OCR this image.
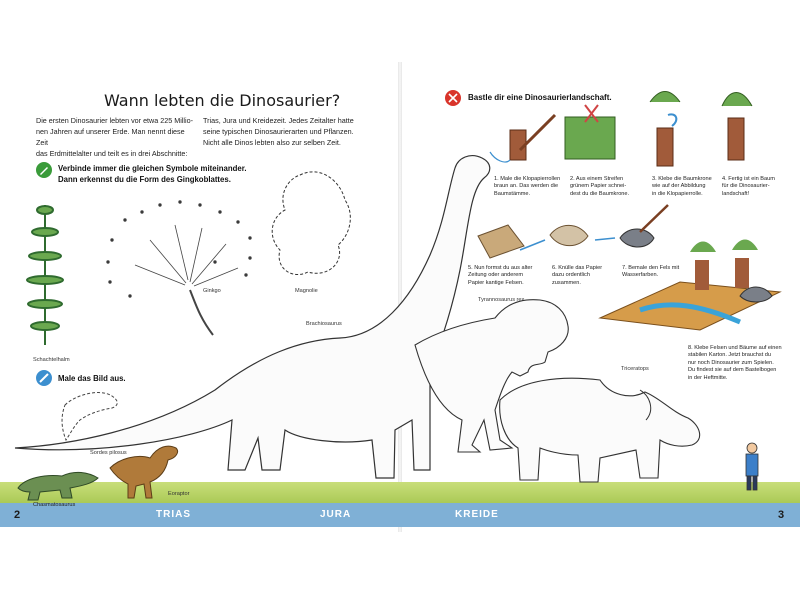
Wann lebten die Dinosaurier?
Die ersten Dinosaurier lebten vor etwa 225 Millio-
nen Jahren auf unserer Erde. Man nennt diese Zeit
das Erdmittelalter und teilt es in drei Abschnitte:
Trias, Jura und Kreidezeit. Jedes Zeitalter hatte
seine typischen Dinosaurierarten und Pflanzen.
Nicht alle Dinos lebten also zur selben Zeit.
Verbinde immer die gleichen Symbole miteinander.
Dann erkennst du die Form des Gingkoblattes.
Male das Bild aus.
Schachtelhalm
Ginkgo	Magnolie
Brachiosaurus
Sordes pilosus
Chasmatosaurus
Eoraptor
Bastle dir eine Dinosaurierlandschaft.
1. Male die Klopapierrollen
braun an. Das werden die
Baumstämme.
2. Aus einem Streifen
grünem Papier schnei-
dest du die Baumkrone.
3. Klebe die Baumkrone
wie auf der Abbildung
in die Klopapierrolle.
4. Fertig ist ein Baum
für die Dinosaurier-
landschaft!
5. Nun formst du aus alter
Zeitung oder anderem
Papier kantige Felsen.
6. Knülle das Papier
dazu ordentlich
zusammen.
7. Bemale den Fels mit
Wasserfarben.
8. Klebe Felsen und Bäume auf einen
stabilen Karton. Jetzt brauchst du
nur noch Dinosaurier zum Spielen.
Du findest sie auf dem Bastelbogen
in der Heftmitte.
Tyrannosaurus rex
Triceratops
2	TRIAS	JURA	KREIDE	3
